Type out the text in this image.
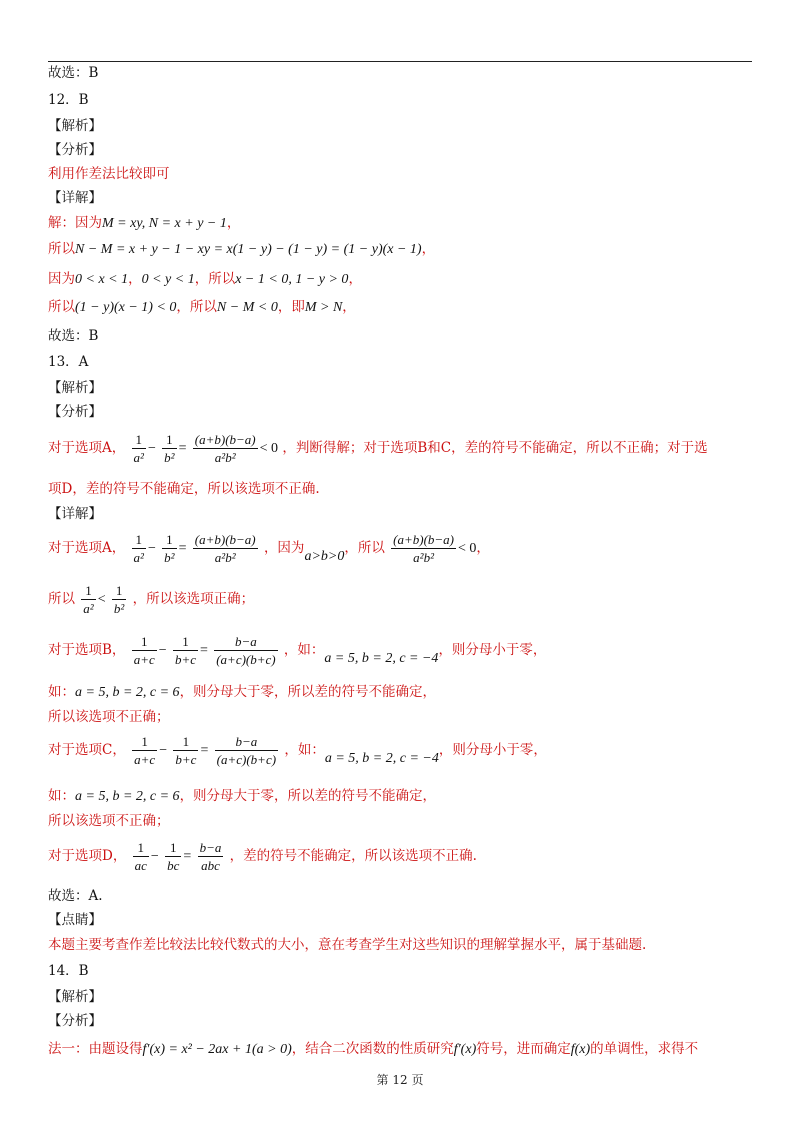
故选：B
12．B
【解析】
【分析】
利用作差法比较即可
【详解】
解：因为M = xy, N = x + y − 1，
所以N − M = x + y − 1 − xy = x(1 − y) − (1 − y) = (1 − y)(x − 1)，
因为0 < x < 1，0 < y < 1，所以x − 1 < 0, 1 − y > 0，
所以(1 − y)(x − 1) < 0，所以N − M < 0，即M > N，
故选：B
13．A
【解析】
【分析】
对于选项A， $\frac{1}{\text{a²}} - \frac{1}{\text{b²}} = \frac{(a+b)(b-a)}{\text{a²b²}} < 0$ ，判断得解；对于选项B和C，差的符号不能确定，所以不正确；对于选
项D，差的符号不能确定，所以该选项不正确.
【详解】
对于选项A， $\frac{1}{\text{a²}} - \frac{1}{\text{b²}} = \frac{(a+b)(b-a)}{\text{a²b²}}$ ，因为a>b>0，所以 $\frac{(a+b)(b-a)}{\text{a²b²}} < 0$，
所以 $\frac{1}{\text{a²}} < \frac{1}{\text{b²}}$ ，所以该选项正确；
对于选项B， $\frac{1}{a+c} - \frac{1}{b+c} = \frac{b-a}{(a+c)(b+c)}$ ，如：a = 5, b = 2, c = −4，则分母小于零，
如：a = 5, b = 2, c = 6，则分母大于零，所以差的符号不能确定，
所以该选项不正确；
对于选项C， $\frac{1}{a+c} - \frac{1}{b+c} = \frac{b-a}{(a+c)(b+c)}$ ，如：a = 5, b = 2, c = −4，则分母小于零，
如：a = 5, b = 2, c = 6，则分母大于零，所以差的符号不能确定，
所以该选项不正确；
对于选项D， $\frac{1}{ac} - \frac{1}{bc} = \frac{b-a}{\text{abc}}$ ，差的符号不能确定，所以该选项不正确.
故选：A.
【点睛】
本题主要考查作差比较法比较代数式的大小，意在考查学生对这些知识的理解掌握水平，属于基础题.
14．B
【解析】
【分析】
法一：由题设得f′(x) = x² − 2ax + 1(a > 0)，结合二次函数的性质研究f′(x)符号，进而确定f(x)的单调性，求得不
第 12 页
